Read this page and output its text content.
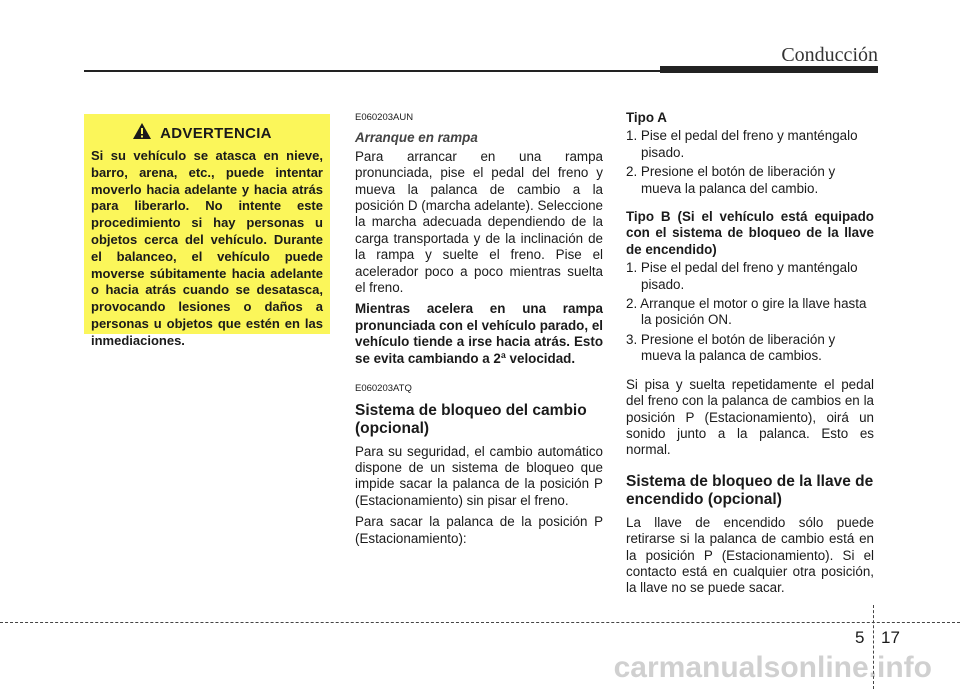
Conducción
ADVERTENCIA
Si su vehículo se atasca en nieve, barro, arena, etc., puede intentar moverlo hacia adelante y hacia atrás para liberarlo. No intente este procedimiento si hay personas u objetos cerca del vehículo. Durante el balanceo, el vehículo puede moverse súbitamente hacia adelante o hacia atrás cuando se desatasca, provocando lesiones o daños a personas u objetos que estén en las inmediaciones.
E060203AUN
Arranque en rampa
Para arrancar en una rampa pronunciada, pise el pedal del freno y mueva la palanca de cambio a la posición D (marcha adelante). Seleccione la marcha adecuada dependiendo de la carga transportada y de la inclinación de la rampa y suelte el freno. Pise el acelerador poco a poco mientras suelta el freno.
Mientras acelera en una rampa pronunciada con el vehículo parado, el vehículo tiende a irse hacia atrás. Esto se evita cambiando a 2ª velocidad.
E060203ATQ
Sistema de bloqueo del cambio (opcional)
Para su seguridad, el cambio automático dispone de un sistema de bloqueo que impide sacar la palanca de la posición P (Estacionamiento) sin pisar el freno.
Para sacar la palanca de la posición P (Estacionamiento):
Tipo A
1. Pise el pedal del freno y manténgalo pisado.
2. Presione el botón de liberación y mueva la palanca del cambio.
Tipo B (Si el vehículo está equipado con el sistema de bloqueo de la llave de encendido)
1. Pise el pedal del freno y manténgalo pisado.
2. Arranque el motor o gire la llave hasta la posición ON.
3. Presione el botón de liberación y mueva la palanca de cambios.
Si pisa y suelta repetidamente el pedal del freno con la palanca de cambios en la posición P (Estacionamiento), oirá un sonido junto a la palanca. Esto es normal.
Sistema de bloqueo de la llave de encendido (opcional)
La llave de encendido sólo puede retirarse si la palanca de cambio está en la posición P (Estacionamiento). Si el contacto está en cualquier otra posición, la llave no se puede sacar.
5 17
carmanualsonline.info
